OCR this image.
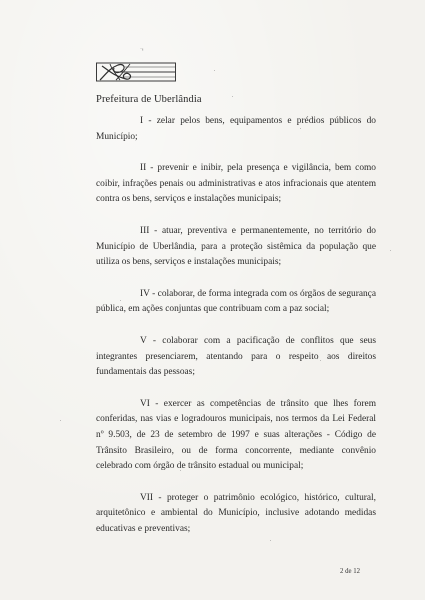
˙ˢ
Prefeitura de Uberlândia

I - zelar pelos bens, equipamentos e prédios públicos do Município;

II - prevenir e inibir, pela presença e vigilância, bem como coibir, infrações penais ou administrativas e atos infracionais que atentem contra os bens, serviços e instalações municipais;

III - atuar, preventiva e permanentemente, no território do Município de Uberlândia, para a proteção sistêmica da população que utiliza os bens, serviços e instalações municipais;

IV - colaborar, de forma integrada com os órgãos de segurança pública, em ações conjuntas que contribuam com a paz social;

V - colaborar com a pacificação de conflitos que seus integrantes presenciarem, atentando para o respeito aos direitos fundamentais das pessoas;

VI - exercer as competências de trânsito que lhes forem conferidas, nas vias e logradouros municipais, nos termos da Lei Federal nº 9.503, de 23 de setembro de 1997 e suas alterações - Código de Trânsito Brasileiro, ou de forma concorrente, mediante convênio celebrado com órgão de trânsito estadual ou municipal;

VII - proteger o patrimônio ecológico, histórico, cultural, arquitetônico e ambiental do Município, inclusive adotando medidas educativas e preventivas;

2 de 12
